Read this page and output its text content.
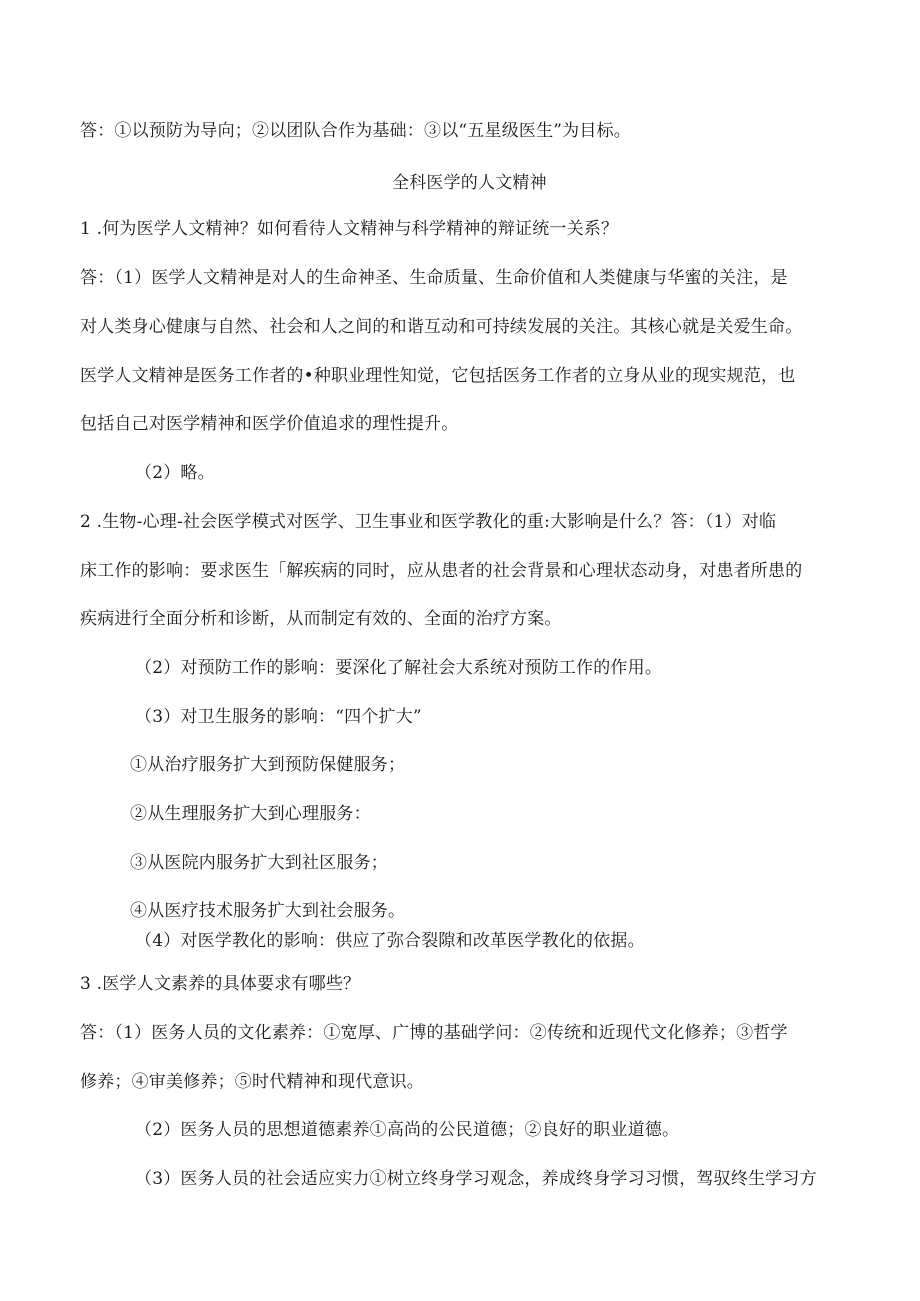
答：①以预防为导向；②以团队合作为基础：③以“五星级医生”为目标。
全科医学的人文精神
1 .何为医学人文精神？如何看待人文精神与科学精神的辩证统一关系？
答：（1）医学人文精神是对人的生命神圣、生命质量、生命价值和人类健康与华蜜的关注，是
对人类身心健康与自然、社会和人之间的和谐互动和可持续发展的关注。其核心就是关爱生命。
医学人文精神是医务工作者的•种职业理性知觉，它包括医务工作者的立身从业的现实规范，也
包括自己对医学精神和医学价值追求的理性提升。
（2）略。
2 .生物-心理-社会医学模式对医学、卫生事业和医学教化的重:大影响是什么？答：（1）对临
床工作的影响：要求医生「解疾病的同时，应从患者的社会背景和心理状态动身，对患者所患的
疾病进行全面分析和诊断，从而制定有效的、全面的治疗方案。
（2）对预防工作的影响：要深化了解社会大系统对预防工作的作用。
（3）对卫生服务的影响：“四个扩大”
①从治疗服务扩大到预防保健服务；
②从生理服务扩大到心理服务：
③从医院内服务扩大到社区服务；
④从医疗技术服务扩大到社会服务。
（4）对医学教化的影响：供应了弥合裂隙和改革医学教化的依据。
3 .医学人文素养的具体要求有哪些？
答：（1）医务人员的文化素养：①宽厚、广博的基础学问：②传统和近现代文化修养；③哲学
修养；④审美修养；⑤时代精神和现代意识。
（2）医务人员的思想道德素养①高尚的公民道德；②良好的职业道德。
（3）医务人员的社会适应实力①树立终身学习观念，养成终身学习习惯，驾驭终生学习方
